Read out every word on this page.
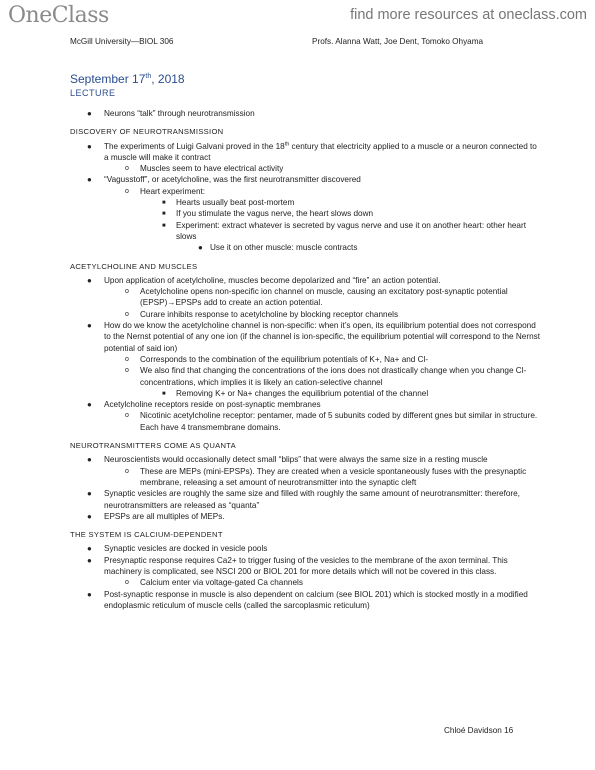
OneClass	find more resources at oneclass.com
McGill University—BIOL 306	Profs. Alanna Watt, Joe Dent, Tomoko Ohyama
September 17th, 2018
LECTURE
● Neurons “talk” through neurotransmission
DISCOVERY OF NEUROTRANSMISSION
● The experiments of Luigi Galvani proved in the 18th century that electricity applied to a muscle or a neuron connected to a muscle will make it contract
o Muscles seem to have electrical activity
● “Vagusstoff”, or acetylcholine, was the first neurotransmitter discovered
o Heart experiment:
■ Hearts usually beat post-mortem
■ If you stimulate the vagus nerve, the heart slows down
■ Experiment: extract whatever is secreted by vagus nerve and use it on another heart: other heart slows
● Use it on other muscle: muscle contracts
ACETYLCHOLINE AND MUSCLES
● Upon application of acetylcholine, muscles become depolarized and “fire” an action potential.
o Acetylcholine opens non-specific ion channel on muscle, causing an excitatory post-synaptic potential (EPSP)→EPSPs add to create an action potential.
o Curare inhibits response to acetylcholine by blocking receptor channels
● How do we know the acetylcholine channel is non-specific: when it’s open, its equilibrium potential does not correspond to the Nernst potential of any one ion (if the channel is ion-specific, the equilibrium potential will correspond to the Nernst potential of said ion)
o Corresponds to the combination of the equilibrium potentials of K+, Na+ and Cl-
o We also find that changing the concentrations of the ions does not drastically change when you change Cl- concentrations, which implies it is likely an cation-selective channel
■ Removing K+ or Na+ changes the equilibrium potential of the channel
● Acetylcholine receptors reside on post-synaptic membranes
o Nicotinic acetylcholine receptor: pentamer, made of 5 subunits coded by different gnes but similar in structure. Each have 4 transmembrane domains.
NEUROTRANSMITTERS COME AS QUANTA
● Neuroscientists would occasionally detect small “blips” that were always the same size in a resting muscle
o These are MEPs (mini-EPSPs). They are created when a vesicle spontaneously fuses with the presynaptic membrane, releasing a set amount of neurotransmitter into the synaptic cleft
● Synaptic vesicles are roughly the same size and filled with roughly the same amount of neurotransmitter: therefore, neurotransmitters are released as “quanta”
● EPSPs are all multiples of MEPs.
THE SYSTEM IS CALCIUM-DEPENDENT
● Synaptic vesicles are docked in vesicle pools
● Presynaptic response requires Ca2+ to trigger fusing of the vesicles to the membrane of the axon terminal. This machinery is complicated, see NSCI 200 or BIOL 201 for more details which will not be covered in this class.
o Calcium enter via voltage-gated Ca channels
● Post-synaptic response in muscle is also dependent on calcium (see BIOL 201) which is stocked mostly in a modified endoplasmic reticulum of muscle cells (called the sarcoplasmic reticulum)
Chloé Davidson 16
